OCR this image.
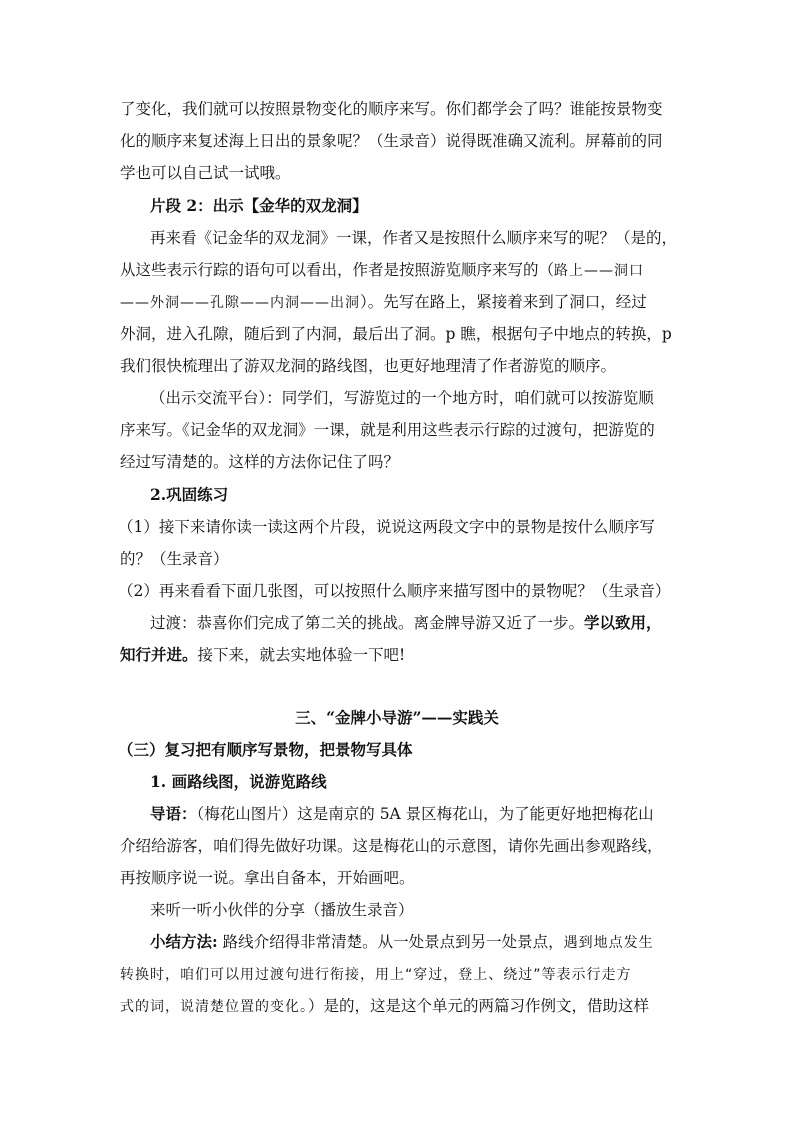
了变化，我们就可以按照景物变化的顺序来写。你们都学会了吗？谁能按景物变
化的顺序来复述海上日出的景象呢？（生录音）说得既准确又流利。屏幕前的同
学也可以自己试一试哦。
片段 2：出示【金华的双龙洞】
再来看《记金华的双龙洞》一课，作者又是按照什么顺序来写的呢？（是的，
从这些表示行踪的语句可以看出，作者是按照游览顺序来写的（路上——洞口
——外洞——孔隙——内洞——出洞）。先写在路上，紧接着来到了洞口，经过
外洞，进入孔隙，随后到了内洞，最后出了洞。p 瞧，根据句子中地点的转换，p
我们很快梳理出了游双龙洞的路线图，也更好地理清了作者游览的顺序。
（出示交流平台）：同学们，写游览过的一个地方时，咱们就可以按游览顺
序来写。《记金华的双龙洞》一课，就是利用这些表示行踪的过渡句，把游览的
经过写清楚的。这样的方法你记住了吗？
2.巩固练习
（1）接下来请你读一读这两个片段，说说这两段文字中的景物是按什么顺序写
的？（生录音）
（2）再来看看下面几张图，可以按照什么顺序来描写图中的景物呢？（生录音）
过渡：恭喜你们完成了第二关的挑战。离金牌导游又近了一步。学以致用，
知行并进。接下来，就去实地体验一下吧!
三、“金牌小导游”——实践关
（三）复习把有顺序写景物，把景物写具体
1. 画路线图，说游览路线
导语：（梅花山图片）这是南京的 5A 景区梅花山，为了能更好地把梅花山
介绍给游客，咱们得先做好功课。这是梅花山的示意图，请你先画出参观路线，
再按顺序说一说。拿出自备本，开始画吧。
来听一听小伙伴的分享（播放生录音）
小结方法: 路线介绍得非常清楚。从一处景点到另一处景点，遇到地点发生
转换时，咱们可以用过渡句进行衔接，用上“穿过，登上、绕过”等表示行走方
式的词，说清楚位置的变化。）是的，这是这个单元的两篇习作例文，借助这样
